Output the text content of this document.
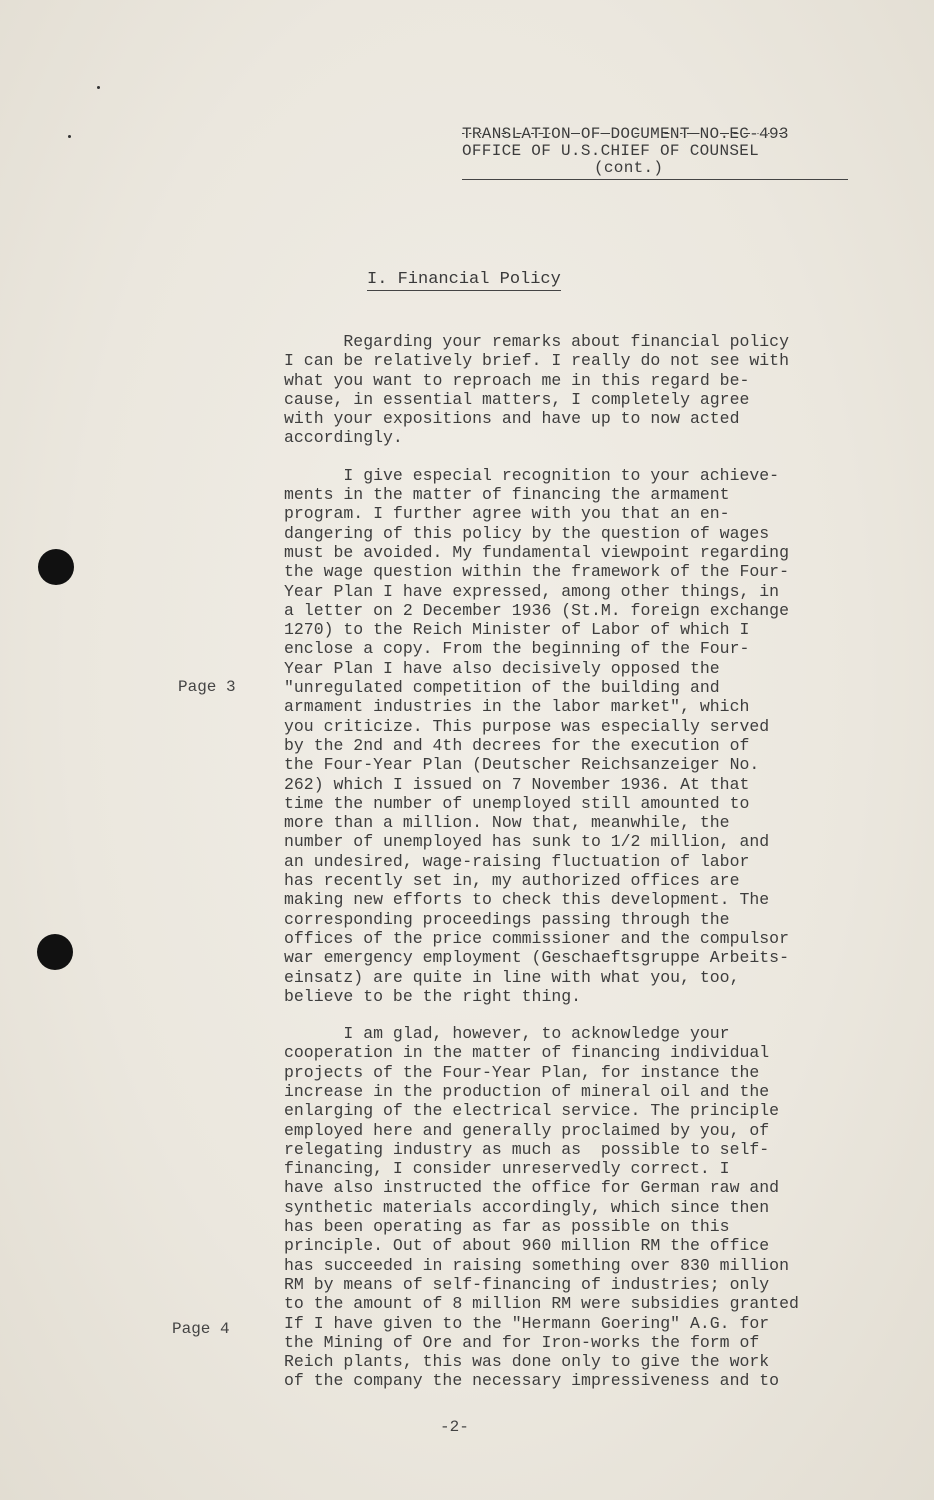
TRANSLATION OF DOCUMENT NO.EC-493
OFFICE OF U.S.CHIEF OF COUNSEL
(cont.)
I. Financial Policy
Regarding your remarks about financial policy
I can be relatively brief. I really do not see with
what you want to reproach me in this regard be-
cause, in essential matters, I completely agree
with your expositions and have up to now acted
accordingly.
I give especial recognition to your achieve-
ments in the matter of financing the armament
program. I further agree with you that an en-
dangering of this policy by the question of wages
must be avoided. My fundamental viewpoint regarding
the wage question within the framework of the Four-
Year Plan I have expressed, among other things, in
a letter on 2 December 1936 (St.M. foreign exchange
1270) to the Reich Minister of Labor of which I
enclose a copy. From the beginning of the Four-
Year Plan I have also decisively opposed the
"unregulated competition of the building and
armament industries in the labor market", which
you criticize. This purpose was especially served
by the 2nd and 4th decrees for the execution of
the Four-Year Plan (Deutscher Reichsanzeiger No.
262) which I issued on 7 November 1936. At that
time the number of unemployed still amounted to
more than a million. Now that, meanwhile, the
number of unemployed has sunk to 1/2 million, and
an undesired, wage-raising fluctuation of labor
has recently set in, my authorized offices are
making new efforts to check this development. The
corresponding proceedings passing through the
offices of the price commissioner and the compulsor
war emergency employment (Geschaeftsgruppe Arbeits-
einsatz) are quite in line with what you, too,
believe to be the right thing.
I am glad, however, to acknowledge your
cooperation in the matter of financing individual
projects of the Four-Year Plan, for instance the
increase in the production of mineral oil and the
enlarging of the electrical service. The principle
employed here and generally proclaimed by you, of
relegating industry as much as  possible to self-
financing, I consider unreservedly correct. I
have also instructed the office for German raw and
synthetic materials accordingly, which since then
has been operating as far as possible on this
principle. Out of about 960 million RM the office
has succeeded in raising something over 830 million
RM by means of self-financing of industries; only
to the amount of 8 million RM were subsidies granted
If I have given to the "Hermann Goering" A.G. for
the Mining of Ore and for Iron-works the form of
Reich plants, this was done only to give the work
of the company the necessary impressiveness and to
Page 3
Page 4
-2-
